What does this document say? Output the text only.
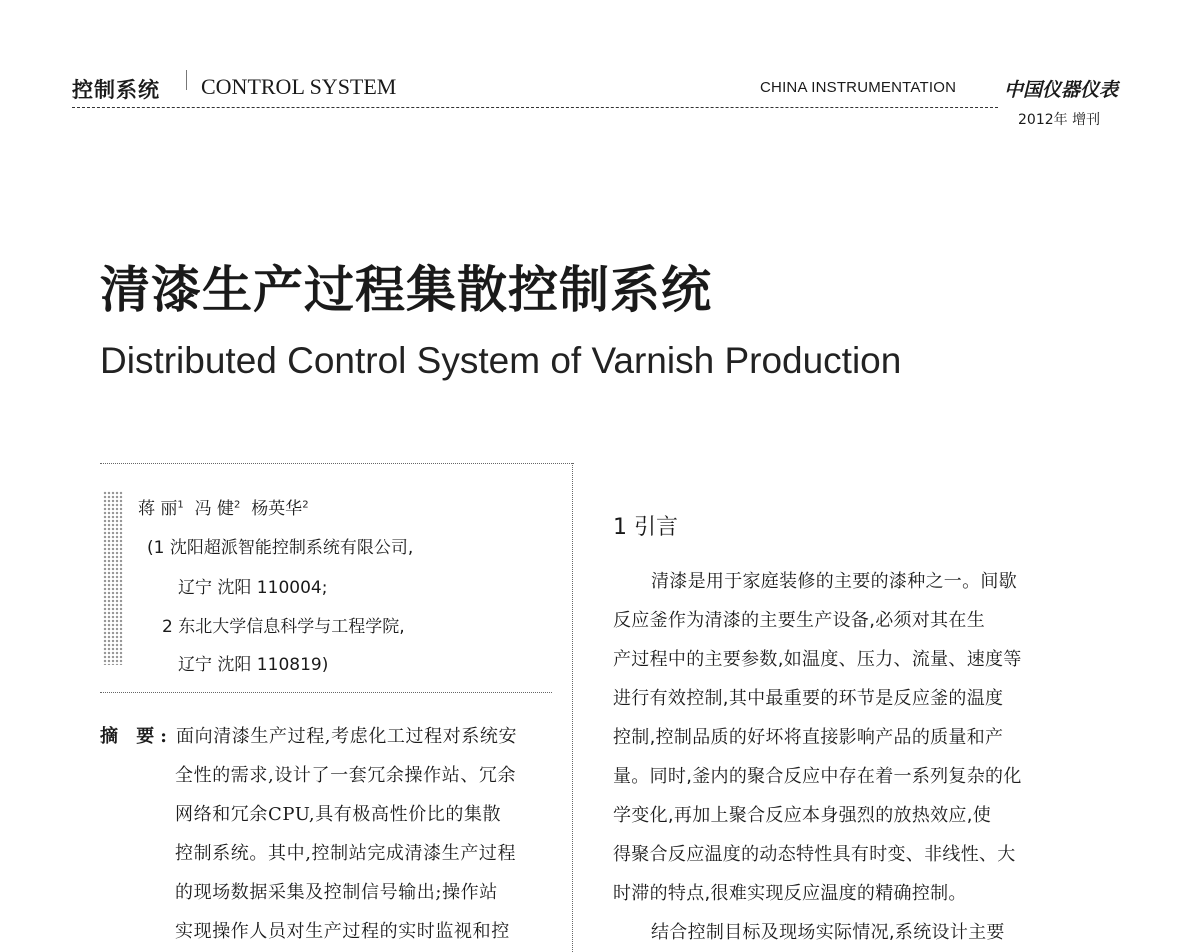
控制系统 CONTROL SYSTEM	CHINA INSTRUMENTATION	中国仪器仪表
2012年 增刊
清漆生产过程集散控制系统
Distributed Control System of Varnish Production
蒋 丽$^1$ 冯 健$^2$ 杨英华$^2$
(1 沈阳超派智能控制系统有限公司,
辽宁 沈阳 110004;
2 东北大学信息科学与工程学院,
辽宁 沈阳 110819)
摘 要: 面向清漆生产过程,考虑化工过程对系统安
全性的需求,设计了一套冗余操作站、冗余
网络和冗余CPU,具有极高性价比的集散
控制系统。其中,控制站完成清漆生产过程
的现场数据采集及控制信号输出;操作站
实现操作人员对生产过程的实时监视和控
1 引言
清漆是用于家庭装修的主要的漆种之一。间歇
反应釜作为清漆的主要生产设备,必须对其在生
产过程中的主要参数,如温度、压力、流量、速度等
进行有效控制,其中最重要的环节是反应釜的温度
控制,控制品质的好坏将直接影响产品的质量和产
量。同时,釜内的聚合反应中存在着一系列复杂的化
学变化,再加上聚合反应本身强烈的放热效应,使
得聚合反应温度的动态特性具有时变、非线性、大
时滞的特点,很难实现反应温度的精确控制。
结合控制目标及现场实际情况,系统设计主要
